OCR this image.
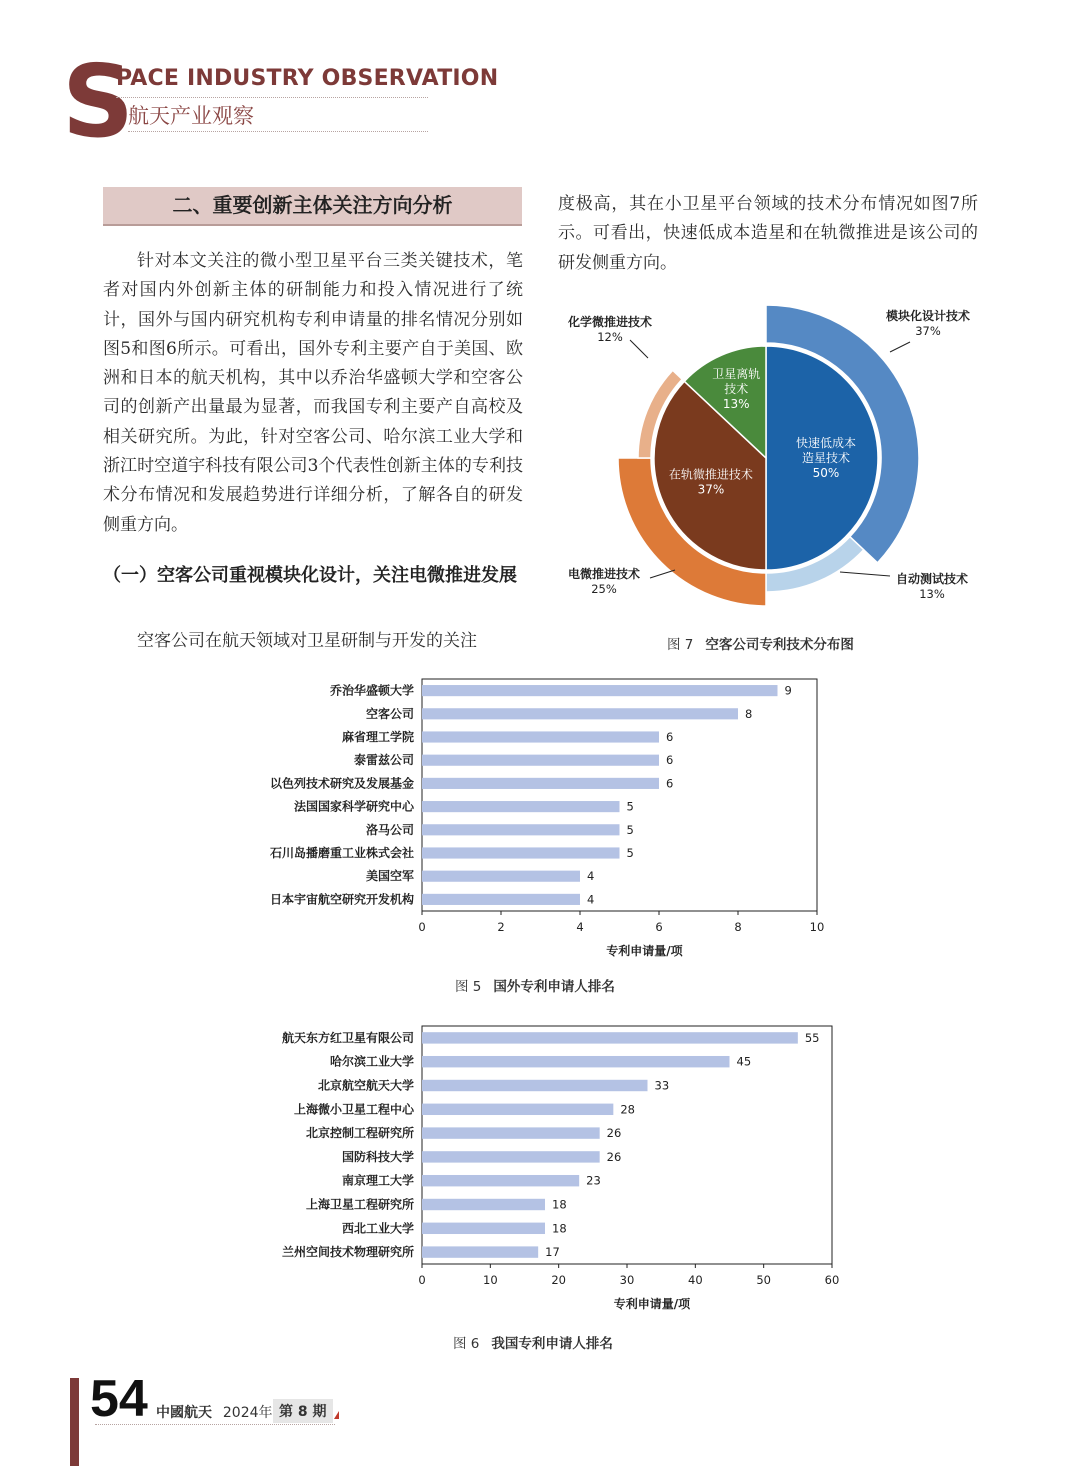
S
PACE INDUSTRY OBSERVATION
航天产业观察
二、重要创新主体关注方向分析

针对本文关注的微小型卫星平台三类关键技术，笔者对国内外创新主体的研制能力和投入情况进行了统计，国外与国内研究机构专利申请量的排名情况分别如图5和图6所示。可看出，国外专利主要产自于美国、欧洲和日本的航天机构，其中以乔治华盛顿大学和空客公司的创新产出量最为显著，而我国专利主要产自高校及相关研究所。为此，针对空客公司、哈尔滨工业大学和浙江时空道宇科技有限公司3个代表性创新主体的专利技术分布情况和发展趋势进行详细分析，了解各自的研发侧重方向。

（一）空客公司重视模块化设计，关注电微推进发展

空客公司在航天领域对卫星研制与开发的关注

度极高，其在小卫星平台领域的技术分布情况如图7所示。可看出，快速低成本造星和在轨微推进是该公司的研发侧重方向。

快速低成本
造星技术
50%
在轨微推进技术
37%
卫星离轨
技术
13%
模块化设计技术
37%
自动测试技术
13%
电微推进技术
25%
化学微推进技术
12%
图 7 空客公司专利技术分布图
乔治华盛顿大学	9
空客公司	8
麻省理工学院	6
泰雷兹公司	6
以色列技术研究及发展基金	6
法国国家科学研究中心	5
洛马公司	5
石川岛播磨重工业株式会社	5
美国空军	4
日本宇宙航空研究开发机构	4
0	2	4	6	8	10
专利申请量/项
图 5 国外专利申请人排名
航天东方红卫星有限公司	55
哈尔滨工业大学	45
北京航空航天大学	33
上海微小卫星工程中心	28
北京控制工程研究所	26
国防科技大学	26
南京理工大学	23
上海卫星工程研究所	18
西北工业大学	18
兰州空间技术物理研究所	17
0	10	20	30	40	50	60
专利申请量/项
图 6 我国专利申请人排名
54 中國航天 2024年 第 8 期
